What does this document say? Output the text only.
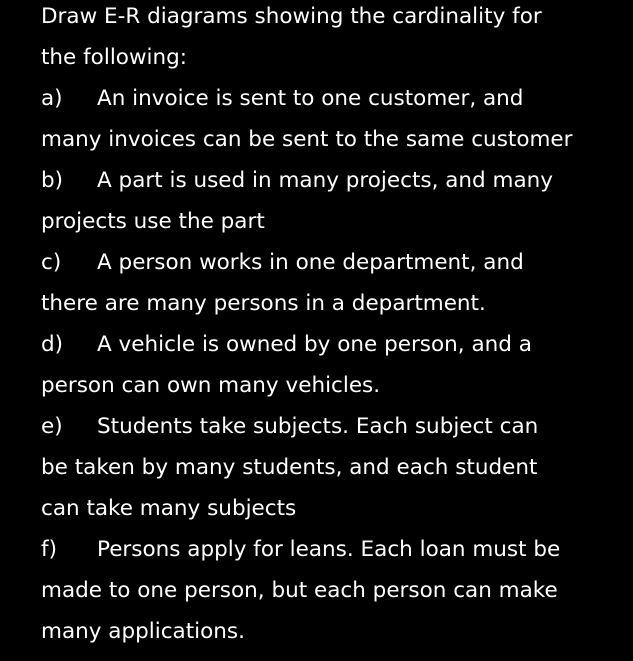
Draw E-R diagrams showing the cardinality for
the following:
a) An invoice is sent to one customer, and
many invoices can be sent to the same customer
b) A part is used in many projects, and many
projects use the part
c) A person works in one department, and
there are many persons in a department.
d) A vehicle is owned by one person, and a
person can own many vehicles.
e) Students take subjects. Each subject can
be taken by many students, and each student
can take many subjects
f) Persons apply for leans. Each loan must be
made to one person, but each person can make
many applications.
